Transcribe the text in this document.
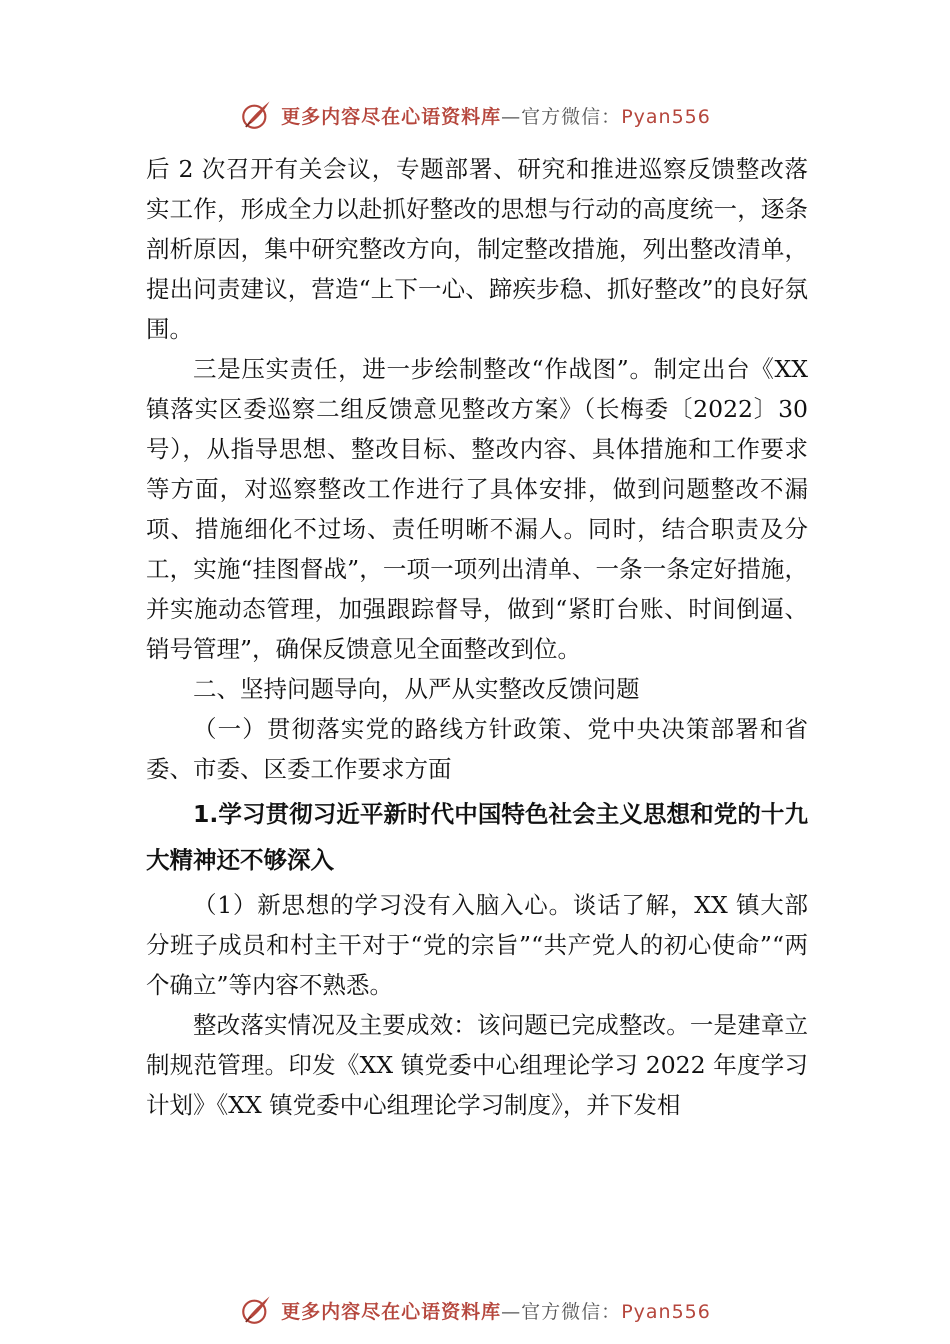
更多内容尽在心语资料库—官方微信：Pyan556

后 2 次召开有关会议，专题部署、研究和推进巡察反馈整改落实工作，形成全力以赴抓好整改的思想与行动的高度统一，逐条剖析原因，集中研究整改方向，制定整改措施，列出整改清单，提出问责建议，营造“上下一心、蹄疾步稳、抓好整改”的良好氛围。

三是压实责任，进一步绘制整改“作战图”。制定出台《XX镇落实区委巡察二组反馈意见整改方案》（长梅委〔2022〕30号），从指导思想、整改目标、整改内容、具体措施和工作要求等方面，对巡察整改工作进行了具体安排，做到问题整改不漏项、措施细化不过场、责任明晰不漏人。同时，结合职责及分工，实施“挂图督战”，一项一项列出清单、一条一条定好措施，并实施动态管理，加强跟踪督导，做到“紧盯台账、时间倒逼、销号管理”，确保反馈意见全面整改到位。

二、坚持问题导向，从严从实整改反馈问题

（一）贯彻落实党的路线方针政策、党中央决策部署和省委、市委、区委工作要求方面

1.学习贯彻习近平新时代中国特色社会主义思想和党的十九大精神还不够深入

（1）新思想的学习没有入脑入心。谈话了解，XX 镇大部分班子成员和村主干对于“党的宗旨”“共产党人的初心使命”“两个确立”等内容不熟悉。

整改落实情况及主要成效：该问题已完成整改。一是建章立制规范管理。印发《XX 镇党委中心组理论学习 2022 年度学习计划》《XX 镇党委中心组理论学习制度》，并下发相

更多内容尽在心语资料库—官方微信：Pyan556
